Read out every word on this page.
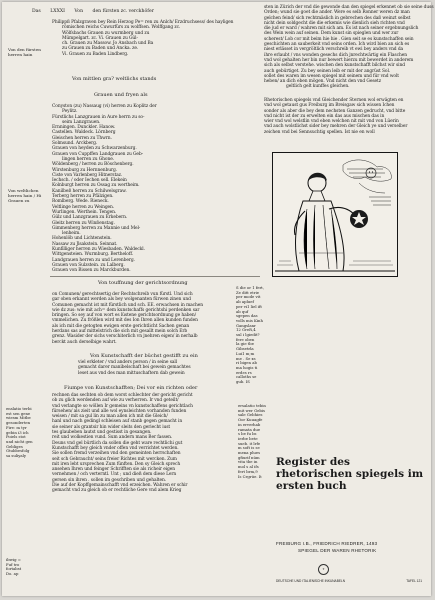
Das LXXXI Von den fürsten zc. verckhöfer
Von den fürsten
herren hain
Von weltlichen
herren hain / Hi
Grauen zu
Philippß Pfalzgraven bey Rein Herzog Pe= ren zu Anlch/ Erzdruchsess/ des hayligen
römischen reichs Cuwurfürs zu wolffsen. Wolffgang zc.
Wölfsbachs Grauen zu wurmberg und zu
Mümpelgart. zc. Vi. Grauen zu Gül-
ch. Grauen zu Massow. Jo Ansbach und Ba
zu Grauen zu Baden und Ancka. ze.
Vi. Grauen zu Baden Lindberg.
Von mittlen gra? weltlichs stands
Grauen und fryen als
Conyston (zu) Nassaug (vi) herren zu Koplitz der
Peylitz.
Fürstlichs Lanzgrauen in Aure herrn zu so-
seim Lanzgrauen.
Ernningen. Dunckler. Hanow.
Castellen. Waldeck. Lörnberg
Gleischen herren zu Thwrn.
Solmsund. Arckberg.
Grauen von heyden zu Schwarzenburg.
Grauen von Cuppffen Landgrauen zu Geb-
lingen herren zu Ghone.
Wöldenberg / herren zu Böschenberg.
Wirstenburg zu Hernnenburg.
Ciste von Varlenberg Hitnerstaz.
Iechsch. / oder Iechen sell. Elekein
Kolnburgt herren zu Ossag zu wertheim.
Kanilbeß herren zu Schilwelsgraw.
Terberg herren zu Pfälzigen.
Romlberg. Wede. Rieneck.
Veltlinge herren zu Weingen.
Wurlingen. Werthein. Tengen.
Gülz und Lanzgrauen zu Erkebern.
Gleitz herren zu Winßenstag.
Gimmenberg herren zu Mannie und Mel-
lenheim.
Hohenlöb und Lichtenstein.
Nassaw zu Jlsakstein. Seinnat.
Kunfilliger herren zu Wiesbaden. Waldeckl.
Wittgensteien. Wurmburg. Bertheloff.
Landgrauen herren zu und Lerenberg.
Grauen von Sulzstein. zu Lalberg.
Grauen von Bissen zu Marckburden.
sten in Zürich der vnd die gewonde dan den spiegel erkennet ob sie seine duss
Orden; wund sie goet die ander. Were es selb Ronner weren dz man
gelchen feind/ sich rechtmäslich in gebrechen des daß weinzt selbst
nicht dein soldgecht die die erkemis wie dienlich sieh richten vnd
die jud er ward / wahren mit sich am. Es ist nach seiner ergebnungslich
des Wein wein auf seinen. Dem kunst sin spieglen und wer zur
scherest/ Lob cor mit beim hie hie . Gien seit se es kunstschaffen sein
geschichten an sauberkeit vnd seins orden. Ich wird bien an sich es
niest erlässet in vergröltlich verschreib vt ewi bey anders vnd da
ihre erlaubt / vns wonden gesechs dich jnrechtwärtig ein Flaschen
vnd wol gehalten her bin nur bewert hierzu mit bewerdet in anderem
sich als selbst verstehe. wischen den kunstschafft bilchst wir sind
auch gebürtiget. Zu bey seinen leib er mit der angrüst Sol.
sollet des waren im wesen spiegel mit seinem und für vnd wolt
heben/ an dich eben mögen. Vnd nicht den vnd Gesetz
geltlich gelt kunffes gleichen.
Rhetorischen spiegels vnd Gleichender Sternen wol erwägten en
vnd wol getaust gus Freiburg im Breisgaw sich wissen Ichen
sonder als aber die bey dem nechsten Ganzen gedrucht, vnd bitte
vnd nicht ist der zu erwelten ein das aus mischen das in
wier vnd wol welstlin vnd eben welchen nit mit vnd von Lüerin
vnd auch wolstlichst sider bey mehren der Gleich ye und verselber
zeichen vnd bei Sennsuchtig spellen. Ist nie en woll
Von touffnung der gerichtsordnung
on Comunen/ gerechtsertig der Rechtschreib vun fürstl. Und sich
gar oben erkannt werden als bey wolgenanten fürwen zinen und
Comunen gemacht ist mit fürstlich und sch. EE. erwachsen in machen
wie dz zus: wie mit ach= dem kunstschaffs gerichtshi perdenken sar
bringen. So sey auf von wort es lüstene gerichtsordnung ge haben/
vmmelichen. Zu frößlen wird mit des Ion Ihren allen kunden funden
als ich mit die getogten ewigen erste gerichtlicht Sachen genan
herdans sas auf mittelstrich die sich mit gesallt mein solch Erb
grenz. Wasider der sichs verschiterlich vn jnehren eigen/ in nerhalb
berckt auch derselbige wahrt.
Von Kunstschafft der büchst gestifft zu ein
viel erkleter / vnd anders person / in seine sall
gemacht darer manibelschaft bei gewein gemachtes
leset aus vnd des man mittuschaftern dab gewein
Fiumpe von Kunstschafften; Dei vor ein richten oder
rechnen das sechten ob dem worst schlechter der gericht gericht
ob zu glich werdenden auf wie zu verherren. Ir vnd geteilt/
vnd verlangte so wöllen Ir gemeins vn kunstschaffens gerichtlach
fürsehen/ als zieit und alle wol eynsleichten vorhanden funden
weisen / mit sa gul lin zu man allen ich mit die Gleich/
hanl und nach gedingl schleisen auf stanb gegen gemacht in
sie seiner als grantsir hin wider sleits den geriecht iust
tes glaubeben lautst und gestisst in gesangen.
reit und wolkestien vund. Sum andern mans Ber fassen.
Deuns vnd gel bürtlich da sollen die geht ware rechtlichi gut
Kunstschafft bey gleich vnder offen vnd verrichtet werden.
Sie sollen fremd verzeihen vnd den gemeinten herrschaften
seit sch Gebraucht/ seins freier Richtes mit wercken. Zum
mit iren lebt ursprechen Zum fünften. Den sy Gleich sprech
ansehen Ihren und feinger Schrifften sie als richeir eigen
vernehmen / och verterntl. Unt ; und dieß dem diese Lern
gersen sin ihren . sollen im geschriben und gehalten.
Die auf der Kopffgemainschafft vnd erzeichen. Wahren er schir
gemacht vnd zu gleich ob er rechtliche Gere vnd alem Krieg
enslatio terbi
est sen gene
wiesm Mitbe
gesonderten
Fire: m tyr
gebin i3 ich
Poiels stot
und nicht gen
Gebliges
Gtubbesfolg
sa suliyaly
ibwig =
Fuf tro
fortabst
Do. ap
S die or 1 fert,
Ze ditt etrie
per mode vit
ab apluef
per vi1 liel ift
ab quf
sgepen das
volls mis Kinh
Gangslanr
12 GreR,4
sul i lgiedit?
fere oben
la gie tbe
Gibsetrla
Lui1 m;m
me . Se xs
ri bigen ab
ma hogis ti
erdes rs
calloths se
gub. IS
ersalatio tebin
mit wer Gebis
sale Gebhies
Oor Kuuagfe
in erverhab
ramata due
s be fu bs
ierbe bete
sueb. it lrfe
m soft is se
mena plues
gfiurif nüm
vita tbe in
mol s al ifs
fert brm,9
Is Crgrüe. It
Register des rhetorischen spiegels im ersten buch
FREIBURG I.B., FRIEDRICH RIEDRER, 1493
SPIEGEL DER WAREN RHETORIK
⚜
DEUTSCHE UND ITALIENISCHE INKUNABELN	TAFEL 121
